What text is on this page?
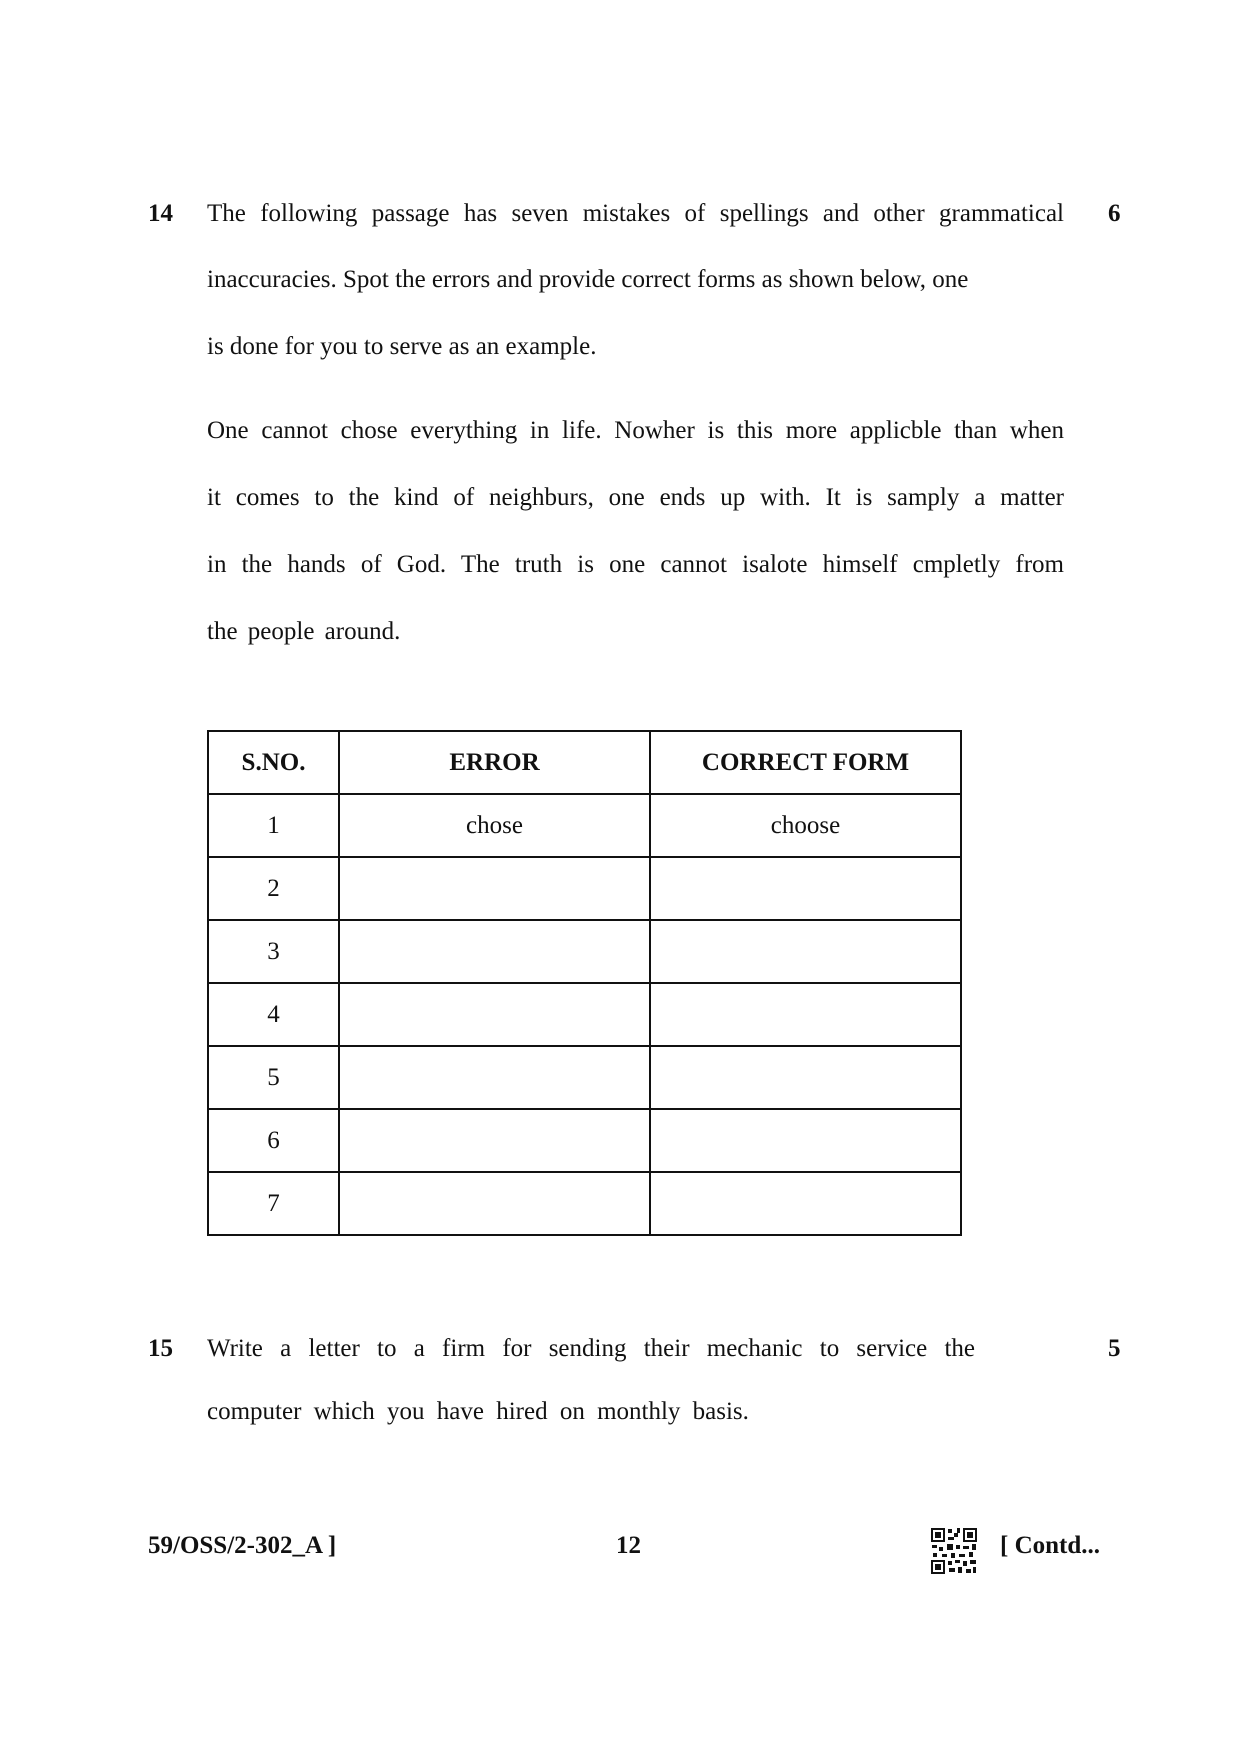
14	6
The following passage has seven mistakes of spellings and other grammatical
inaccuracies. Spot the errors and provide correct forms as shown below, one
is done for you to serve as an example.
One cannot chose everything in life. Nowher is this more applicble than when
it comes to the kind of neighburs, one ends up with. It is samply a matter
in the hands of God. The truth is one cannot isalote himself cmpletly from
the people around.
S.NO.	ERROR	CORRECT FORM
1	chose	choose
2		
3		
4		
5		
6		
7		
15	5
Write a letter to a firm for sending their mechanic to service the
computer which you have hired on monthly basis.
59/OSS/2-302_A ]	12	[ Contd...
